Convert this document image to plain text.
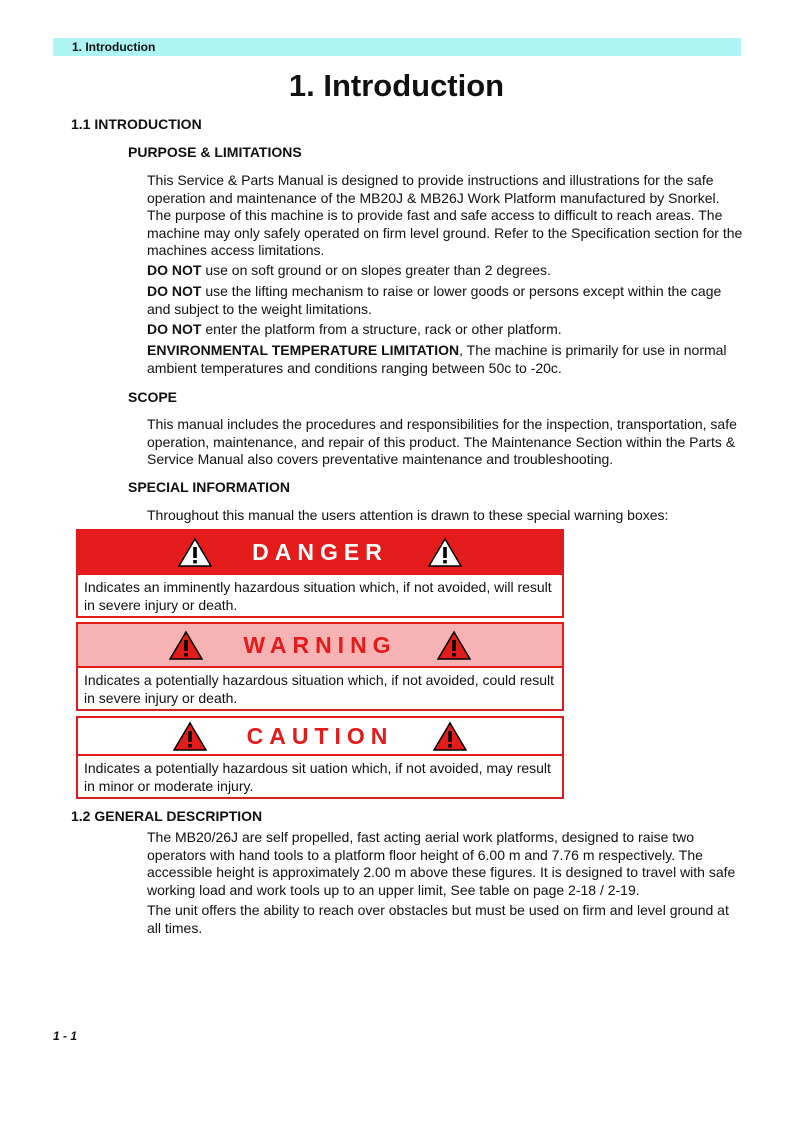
1. Introduction
1. Introduction
1.1 INTRODUCTION
PURPOSE & LIMITATIONS
This Service & Parts Manual is designed to provide instructions and illustrations for the safe operation and maintenance of the MB20J & MB26J Work Platform manufactured by Snorkel. The purpose of this machine is to provide fast and safe access to difficult to reach areas. The machine may only safely operated on firm level ground. Refer to the Specification section for the machines access limitations.
DO NOT use on soft ground or on slopes greater than 2 degrees.
DO NOT use the lifting mechanism to raise or lower goods or persons except within the cage and subject to the weight limitations.
DO NOT enter the platform from a structure, rack or other platform.
ENVIRONMENTAL TEMPERATURE LIMITATION, The machine is primarily for use in normal ambient temperatures and conditions ranging between 50c to -20c.
SCOPE
This manual includes the procedures and responsibilities for the inspection, transportation, safe operation, maintenance, and repair of this product. The Maintenance Section within the Parts & Service Manual also covers preventative maintenance and troubleshooting.
SPECIAL INFORMATION
Throughout this manual the users attention is drawn to these special warning boxes:
DANGER
Indicates an imminently hazardous situation which, if not avoided, will result in severe injury or death.
WARNING
Indicates a potentially hazardous situation which, if not avoided, could result in severe injury or death.
CAUTION
Indicates a potentially hazardous sit uation which, if not avoided, may result in minor or moderate injury.
1.2 GENERAL DESCRIPTION
The MB20/26J are self propelled, fast acting aerial work platforms, designed to raise two operators with hand tools to a platform floor height of 6.00 m and 7.76 m respectively. The accessible height is approximately 2.00 m above these figures. It is designed to travel with safe working load and work tools up to an upper limit, See table on page 2-18 / 2-19.
The unit offers the ability to reach over obstacles but must be used on firm and level ground at all times.
1 - 1
